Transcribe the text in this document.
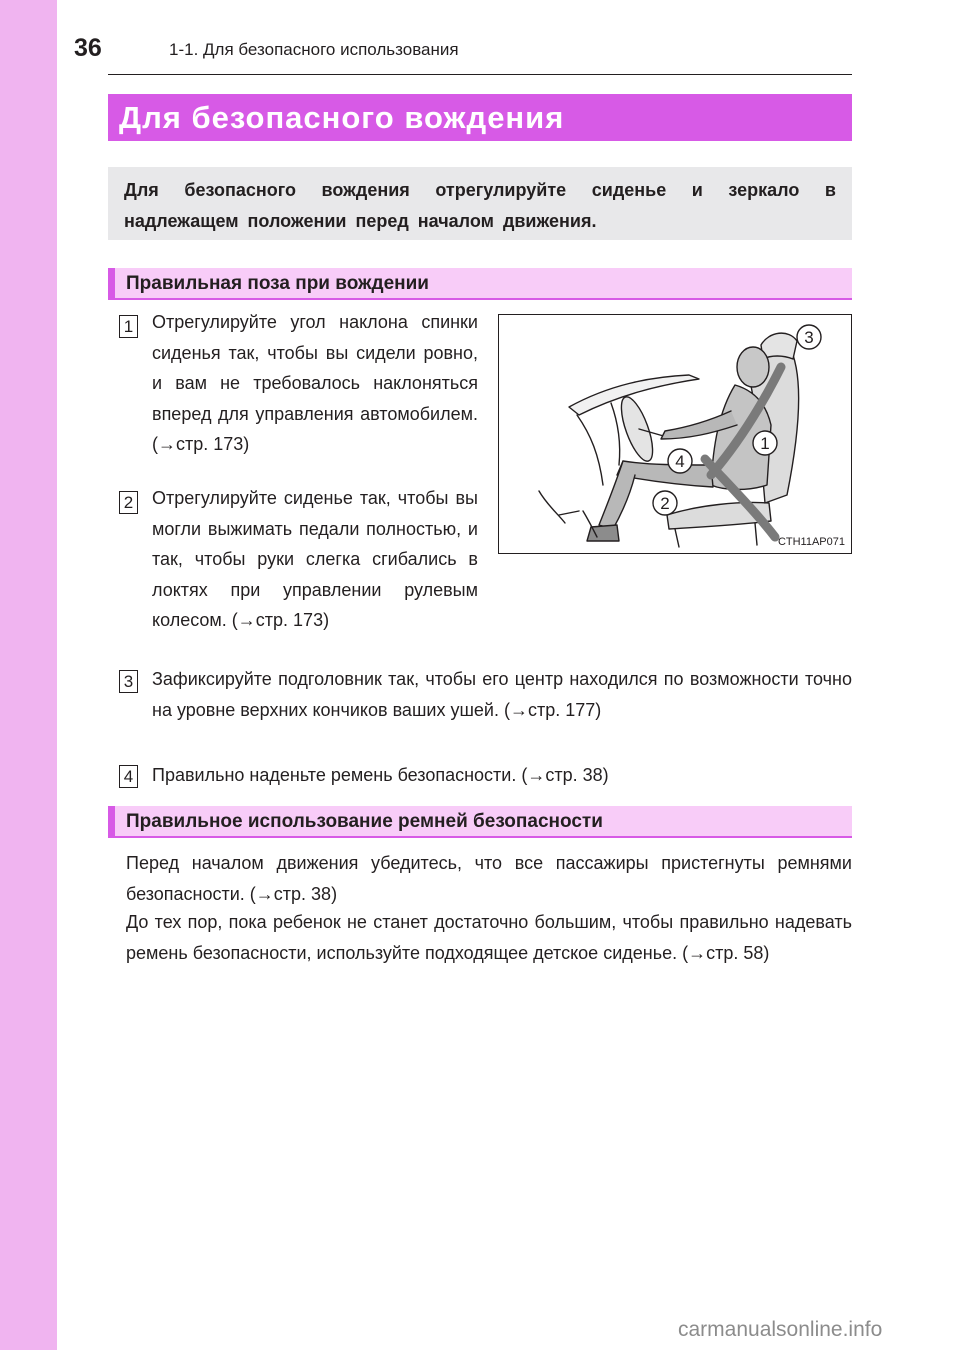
36	1-1. Для безопасного использования
Для безопасного вождения
Для безопасного вождения отрегулируйте сиденье и зеркало в надлежащем положении перед началом движения.
Правильная поза при вождении
1 Отрегулируйте угол наклона спинки сиденья так, чтобы вы сидели ровно, и вам не требовалось наклоняться вперед для управления автомобилем. (→стр. 173)
2 Отрегулируйте сиденье так, чтобы вы могли выжимать педали полностью, и так, чтобы руки слегка сгибались в локтях при управлении рулевым колесом. (→стр. 173)
3
1
4
2
CTH11AP071
3 Зафиксируйте подголовник так, чтобы его центр находился по возможности точно на уровне верхних кончиков ваших ушей. (→стр. 177)
4 Правильно наденьте ремень безопасности. (→стр. 38)
Правильное использование ремней безопасности
Перед началом движения убедитесь, что все пассажиры пристегнуты ремнями безопасности. (→стр. 38)
До тех пор, пока ребенок не станет достаточно большим, чтобы правильно надевать ремень безопасности, используйте подходящее детское сиденье. (→стр. 58)
carmanualsonline.info
